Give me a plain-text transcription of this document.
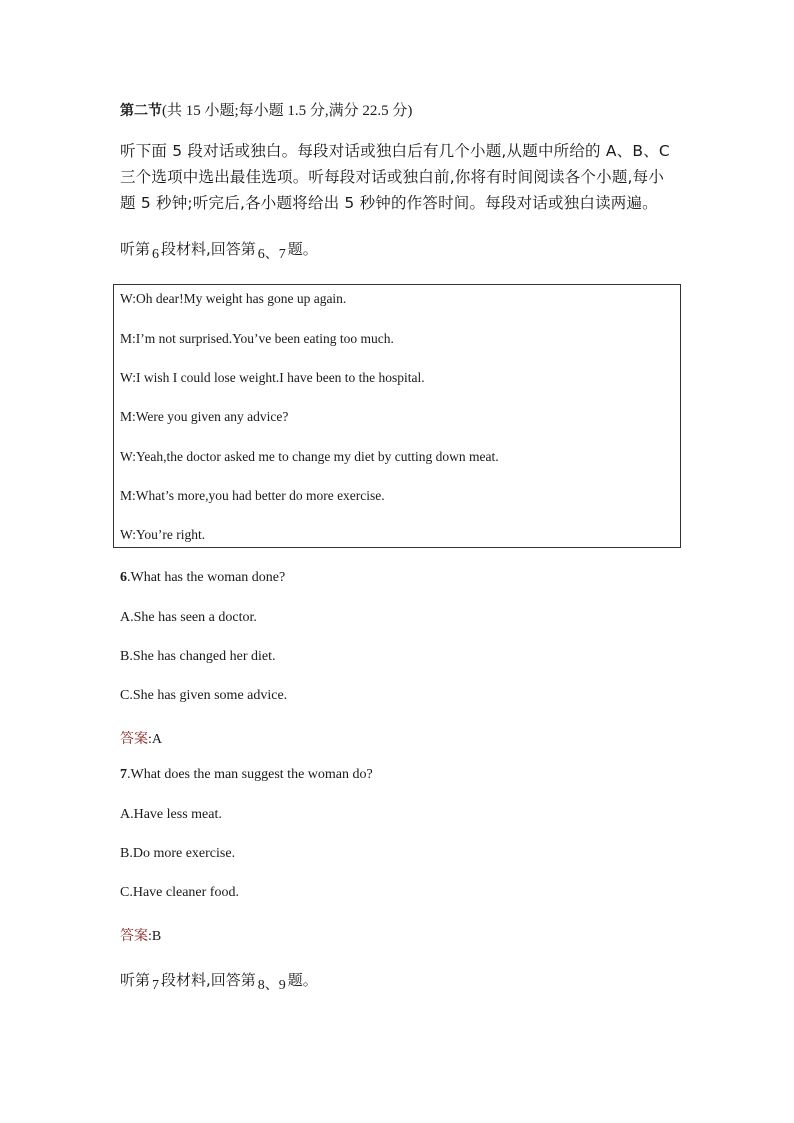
第二节(共 15 小题;每小题 1.5 分,满分 22.5 分)
听下面 5 段对话或独白。每段对话或独白后有几个小题,从题中所给的 A、B、C
三个选项中选出最佳选项。听每段对话或独白前,你将有时间阅读各个小题,每小
题 5 秒钟;听完后,各小题将给出 5 秒钟的作答时间。每段对话或独白读两遍。
听第 6 段材料,回答第 6、7 题。
W:Oh dear!My weight has gone up again.
M:I’m not surprised.You’ve been eating too much.
W:I wish I could lose weight.I have been to the hospital.
M:Were you given any advice?
W:Yeah,the doctor asked me to change my diet by cutting down meat.
M:What’s more,you had better do more exercise.
W:You’re right.
6.What has the woman done?
A.She has seen a doctor.
B.She has changed her diet.
C.She has given some advice.
答案:A
7.What does the man suggest the woman do?
A.Have less meat.
B.Do more exercise.
C.Have cleaner food.
答案:B
听第 7 段材料,回答第 8、9 题。
